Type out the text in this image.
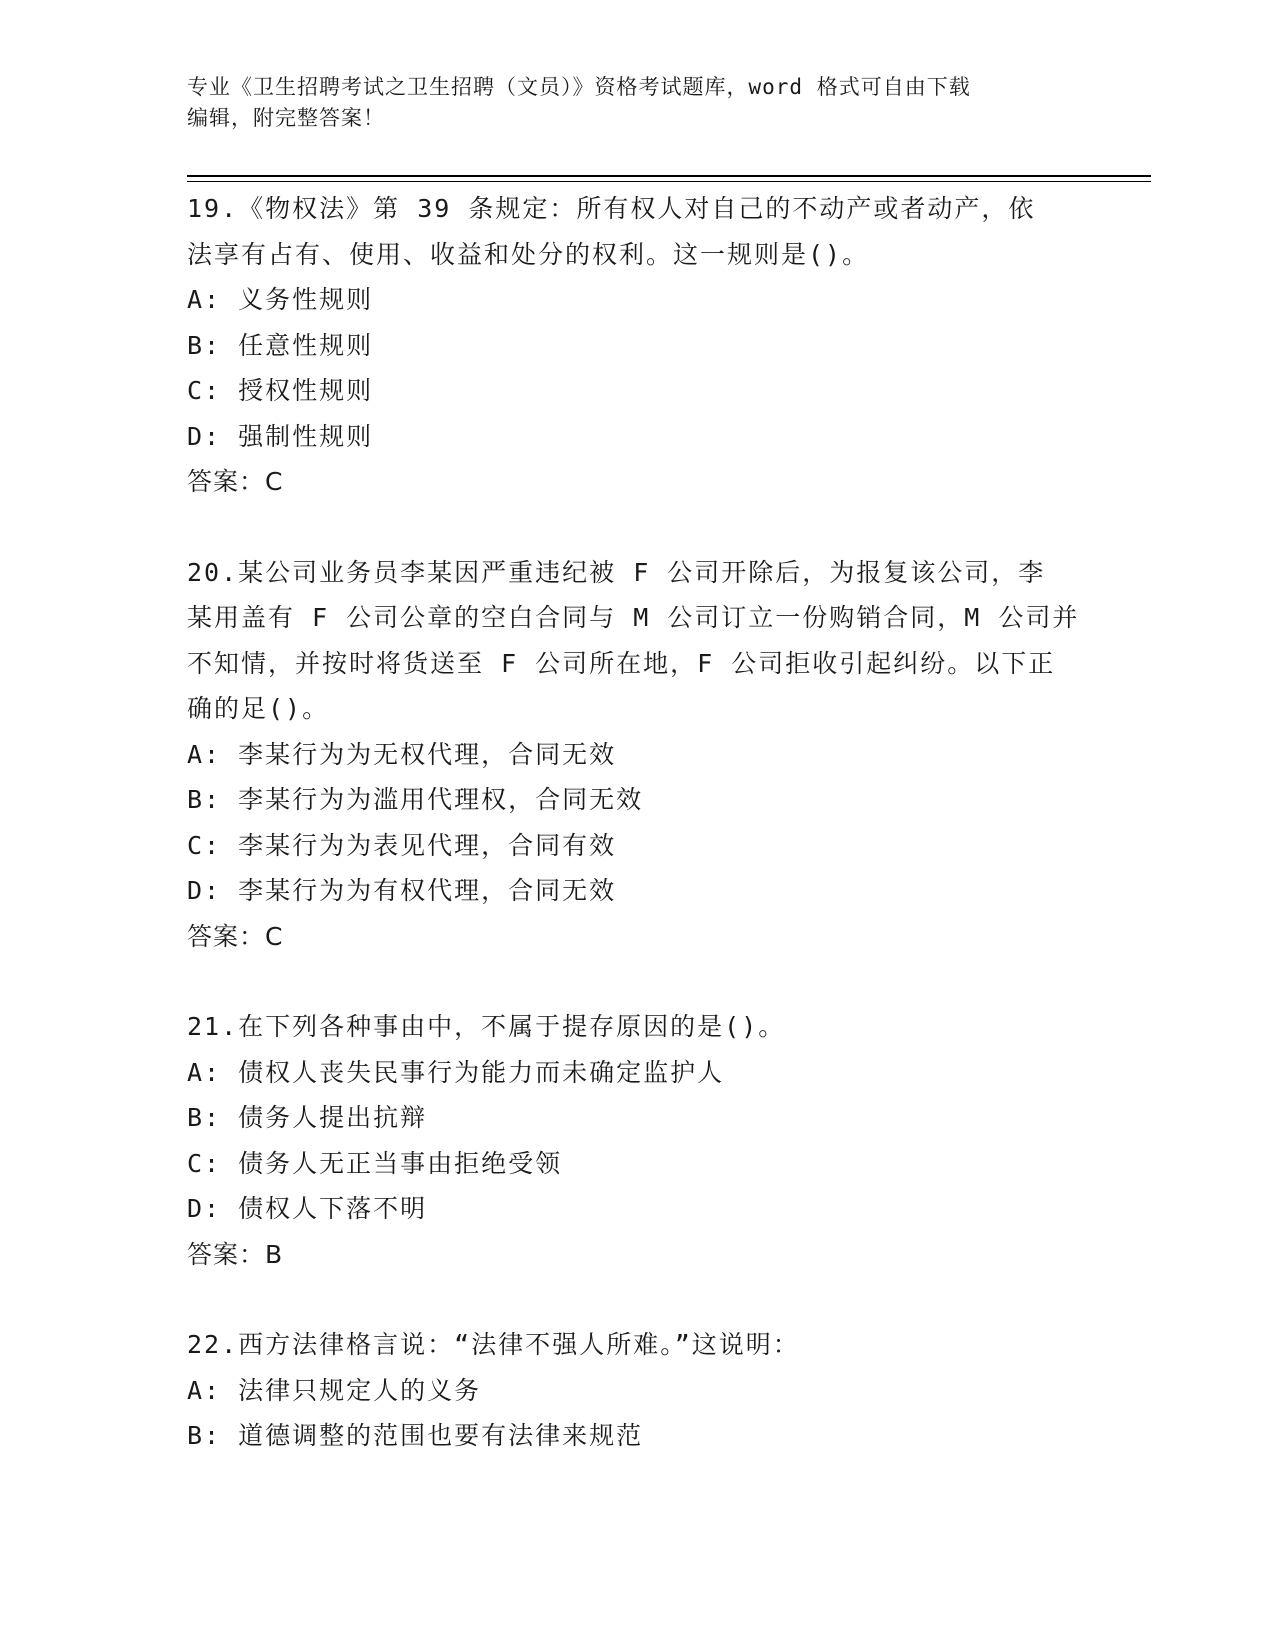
专业《卫生招聘考试之卫生招聘（文员）》资格考试题库，word 格式可自由下载
编辑，附完整答案！
19.《物权法》第 39 条规定：所有权人对自己的不动产或者动产，依
法享有占有、使用、收益和处分的权利。这一规则是()。
A: 义务性规则
B: 任意性规则
C: 授权性规则
D: 强制性规则
答案：C
20.某公司业务员李某因严重违纪被 F 公司开除后，为报复该公司，李
某用盖有 F 公司公章的空白合同与 M 公司订立一份购销合同，M 公司并
不知情，并按时将货送至 F 公司所在地，F 公司拒收引起纠纷。以下正
确的足()。
A: 李某行为为无权代理，合同无效
B: 李某行为为滥用代理权，合同无效
C: 李某行为为表见代理，合同有效
D: 李某行为为有权代理，合同无效
答案：C
21.在下列各种事由中，不属于提存原因的是()。
A: 债权人丧失民事行为能力而未确定监护人
B: 债务人提出抗辩
C: 债务人无正当事由拒绝受领
D: 债权人下落不明
答案：B
22.西方法律格言说：“法律不强人所难。”这说明：
A: 法律只规定人的义务
B: 道德调整的范围也要有法律来规范
